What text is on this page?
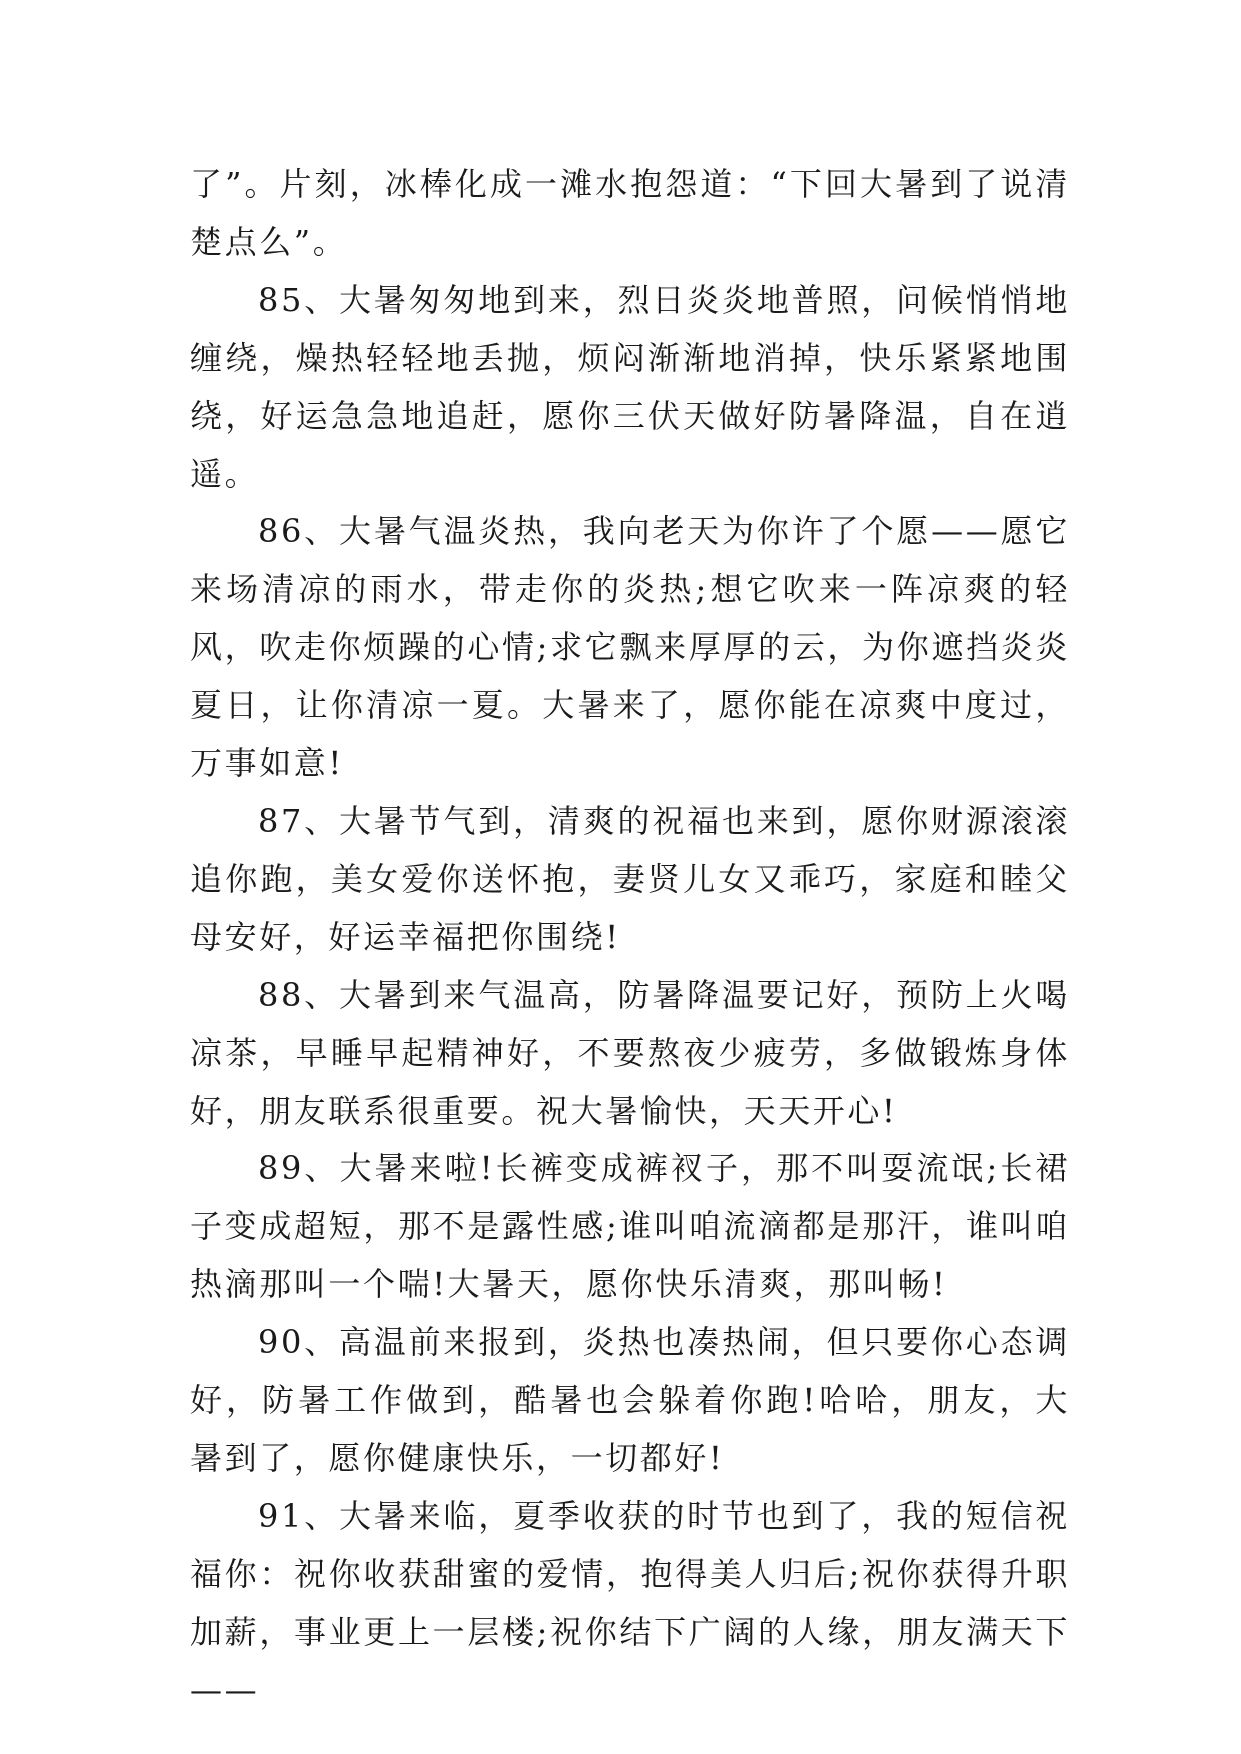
了”。片刻，冰棒化成一滩水抱怨道：“下回大暑到了说清楚点么”。

85、大暑匆匆地到来，烈日炎炎地普照，问候悄悄地缠绕，燥热轻轻地丢抛，烦闷渐渐地消掉，快乐紧紧地围绕，好运急急地追赶，愿你三伏天做好防暑降温，自在逍遥。

86、大暑气温炎热，我向老天为你许了个愿——愿它来场清凉的雨水，带走你的炎热;想它吹来一阵凉爽的轻风，吹走你烦躁的心情;求它飘来厚厚的云，为你遮挡炎炎夏日，让你清凉一夏。大暑来了，愿你能在凉爽中度过，万事如意!

87、大暑节气到，清爽的祝福也来到，愿你财源滚滚追你跑，美女爱你送怀抱，妻贤儿女又乖巧，家庭和睦父母安好，好运幸福把你围绕!

88、大暑到来气温高，防暑降温要记好，预防上火喝凉茶，早睡早起精神好，不要熬夜少疲劳，多做锻炼身体好，朋友联系很重要。祝大暑愉快，天天开心!

89、大暑来啦!长裤变成裤衩子，那不叫耍流氓;长裙子变成超短，那不是露性感;谁叫咱流滴都是那汗，谁叫咱热滴那叫一个喘!大暑天，愿你快乐清爽，那叫畅!

90、高温前来报到，炎热也凑热闹，但只要你心态调好，防暑工作做到，酷暑也会躲着你跑!哈哈，朋友，大暑到了，愿你健康快乐，一切都好!

91、大暑来临，夏季收获的时节也到了，我的短信祝福你：祝你收获甜蜜的爱情，抱得美人归后;祝你获得升职加薪，事业更上一层楼;祝你结下广阔的人缘，朋友满天下——
